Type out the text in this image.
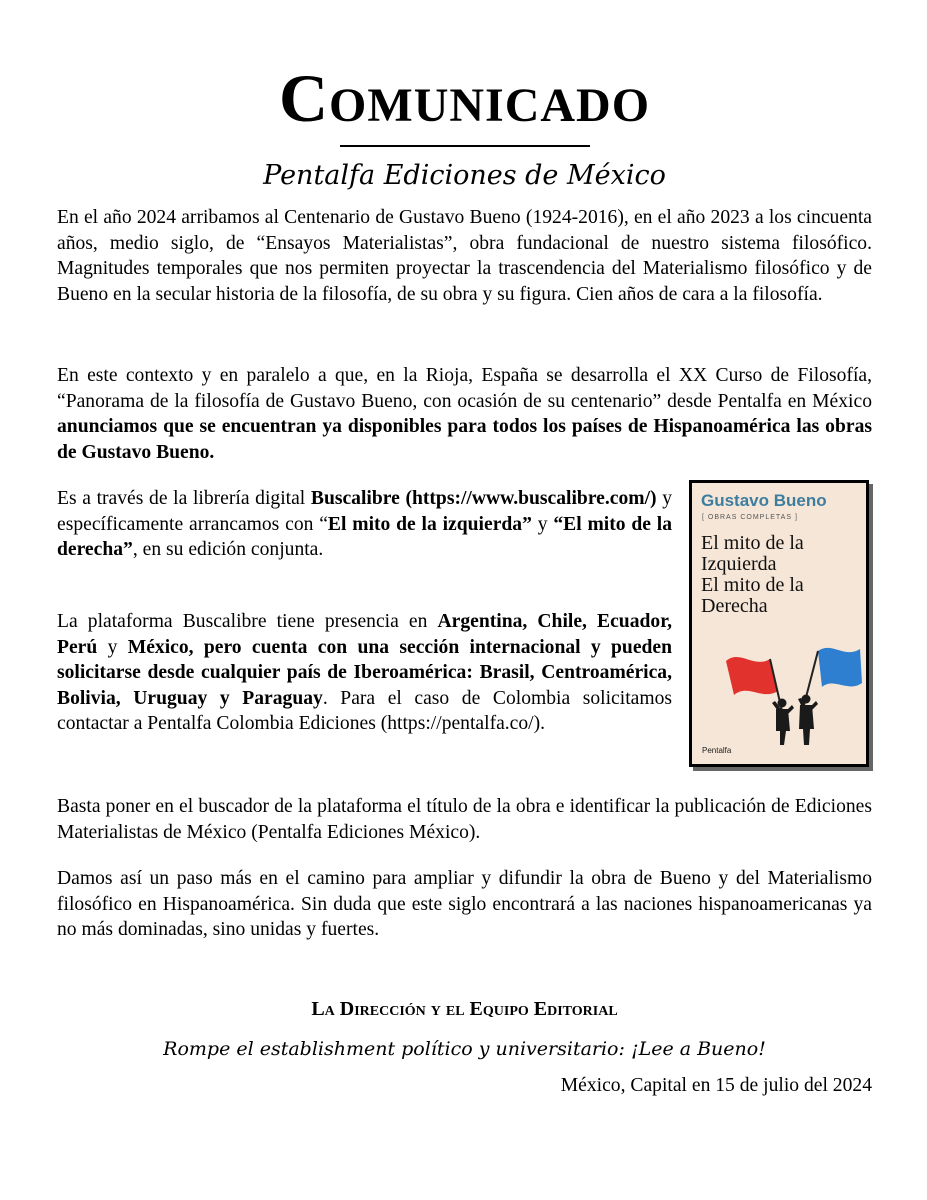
Comunicado
Pentalfa Ediciones de México

En el año 2024 arribamos al Centenario de Gustavo Bueno (1924-2016), en el año 2023 a los cincuenta años, medio siglo, de “Ensayos Materialistas”, obra fundacional de nuestro sistema filosófico. Magnitudes temporales que nos permiten proyectar la trascendencia del Materialismo filosófico y de Bueno en la secular historia de la filosofía, de su obra y su figura. Cien años de cara a la filosofía.

En este contexto y en paralelo a que, en la Rioja, España se desarrolla el XX Curso de Filosofía, “Panorama de la filosofía de Gustavo Bueno, con ocasión de su centenario” desde Pentalfa en México anunciamos que se encuentran ya disponibles para todos los países de Hispanoamérica las obras de Gustavo Bueno.

Es a través de la librería digital Buscalibre (https://www.buscalibre.com/) y específicamente arrancamos con “El mito de la izquierda” y “El mito de la derecha”, en su edición conjunta.

La plataforma Buscalibre tiene presencia en Argentina, Chile, Ecuador, Perú y México, pero cuenta con una sección internacional y pueden solicitarse desde cualquier país de Iberoamérica: Brasil, Centroamérica, Bolivia, Uruguay y Paraguay. Para el caso de Colombia solicitamos contactar a Pentalfa Colombia Ediciones (https://pentalfa.co/).

Basta poner en el buscador de la plataforma el título de la obra e identificar la publicación de Ediciones Materialistas de México (Pentalfa Ediciones México).

Damos así un paso más en el camino para ampliar y difundir la obra de Bueno y del Materialismo filosófico en Hispanoamérica. Sin duda que este siglo encontrará a las naciones hispanoamericanas ya no más dominadas, sino unidas y fuertes.

La Dirección y el Equipo Editorial
Rompe el establishment político y universitario: ¡Lee a Bueno!
México, Capital en 15 de julio del 2024
Gustavo Bueno
[ OBRAS COMPLETAS ]
El mito de la Izquierda
El mito de la Derecha
Pentalfa
